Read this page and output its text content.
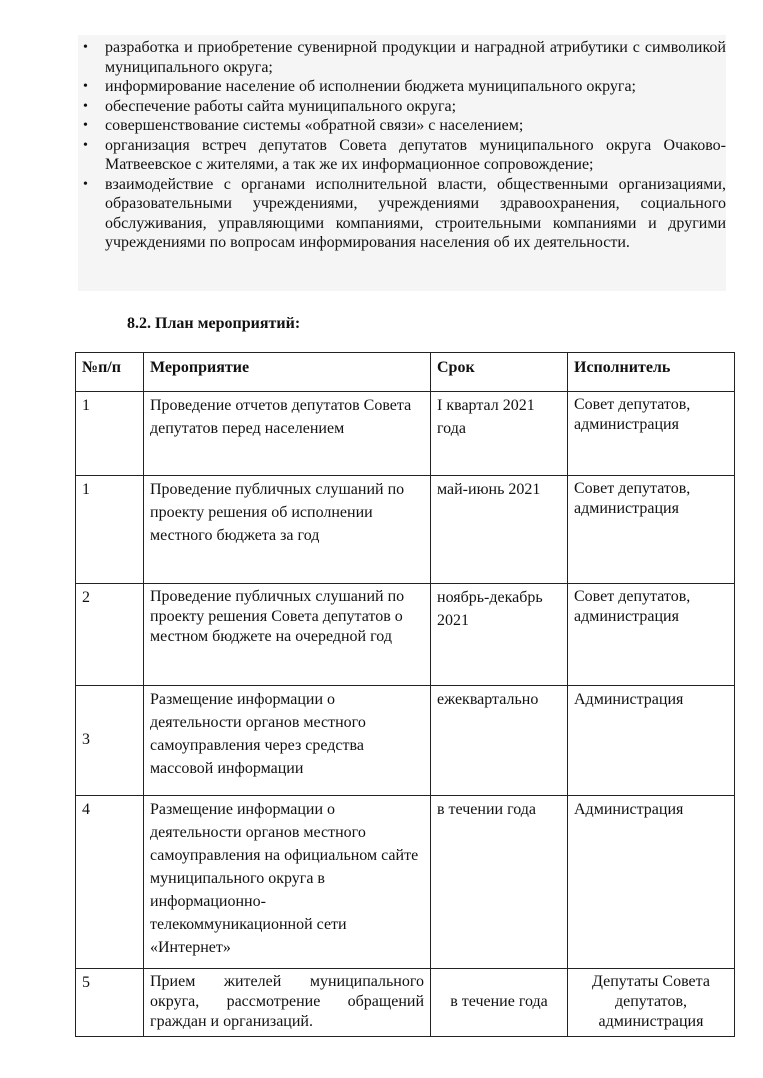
• разработка и приобретение сувенирной продукции и наградной атрибутики с символикой муниципального округа;
• информирование население об исполнении бюджета муниципального округа;
• обеспечение работы сайта муниципального округа;
• совершенствование системы «обратной связи» с населением;
• организация встреч депутатов Совета депутатов муниципального округа Очаково-Матвеевское с жителями, а так же их информационное сопровождение;
• взаимодействие с органами исполнительной власти, общественными организациями, образовательными учреждениями, учреждениями здравоохранения, социального обслуживания, управляющими компаниями, строительными компаниями и другими учреждениями по вопросам информирования населения об их деятельности.
8.2. План мероприятий:
№п/п	Мероприятие	Срок	Исполнитель
1	Проведение отчетов депутатов Совета депутатов перед населением	I квартал 2021 года	Совет депутатов, администрация
1	Проведение публичных слушаний по проекту решения об исполнении местного бюджета за год	май-июнь 2021	Совет депутатов, администрация
2	Проведение публичных слушаний по проекту решения Совета депутатов о местном бюджете на очередной год	ноябрь-декабрь 2021	Совет депутатов, администрация
3	Размещение информации о деятельности органов местного самоуправления через средства массовой информации	ежеквартально	Администрация
4	Размещение информации о деятельности органов местного самоуправления на официальном сайте муниципального округа в информационно-телекоммуникационной сети «Интернет»	в течении года	Администрация
5	Прием жителей муниципального округа, рассмотрение обращений граждан и организаций.	в течение года	Депутаты Совета депутатов, администрация
